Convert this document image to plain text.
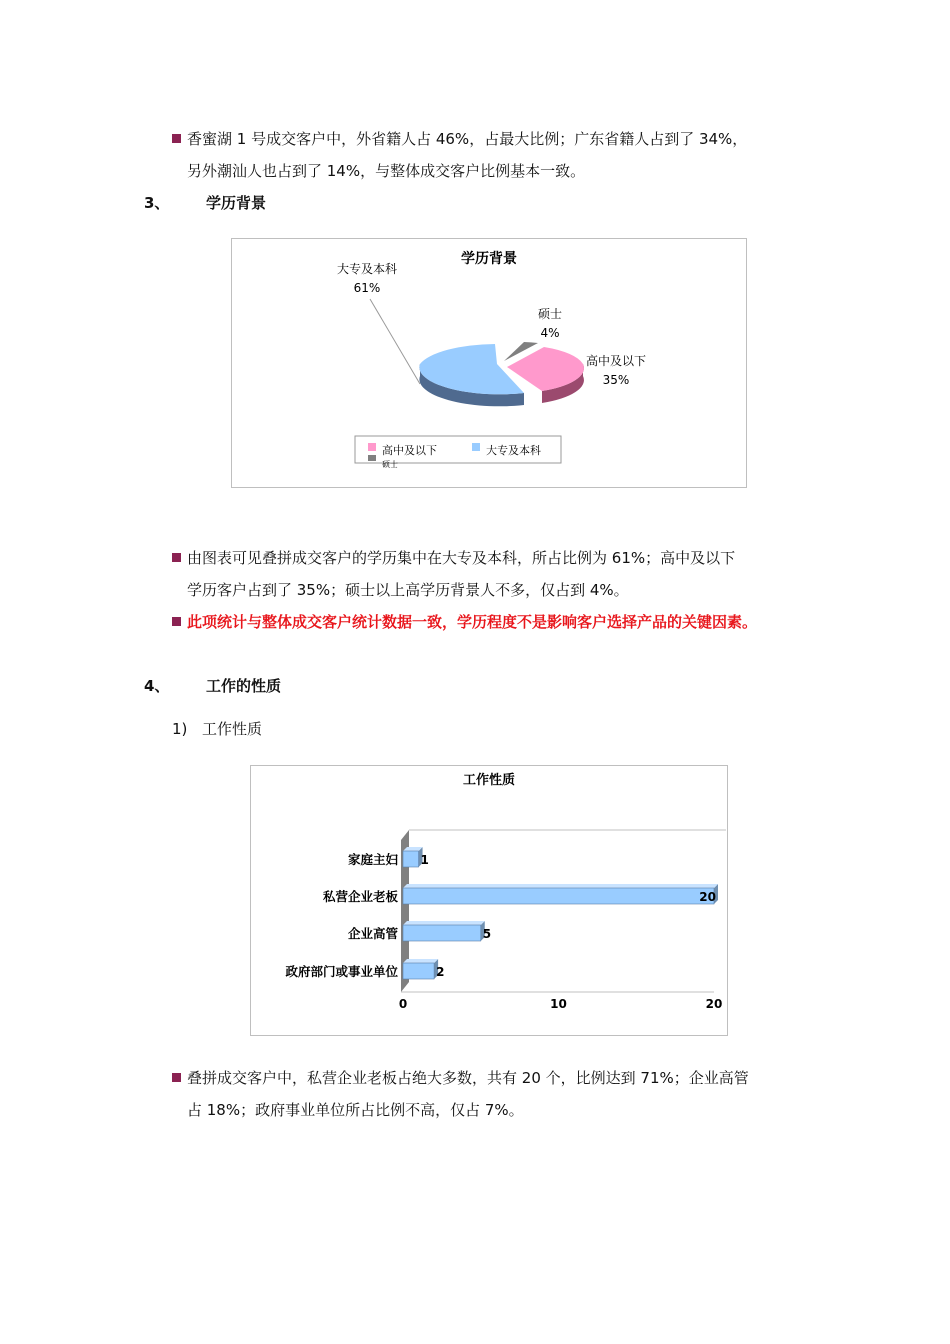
香蜜湖 1 号成交客户中，外省籍人占 46%，占最大比例；广东省籍人占到了 34%，
另外潮汕人也占到了 14%，与整体成交客户比例基本一致。
3、 学历背景
学历背景
大专及本科
61%
硕士
4%
高中及以下
35%
高中及以下	大专及本科
硕士
由图表可见叠拼成交客户的学历集中在大专及本科，所占比例为 61%；高中及以下
学历客户占到了 35%；硕士以上高学历背景人不多，仅占到 4%。
此项统计与整体成交客户统计数据一致，学历程度不是影响客户选择产品的关键因素。
4、 工作的性质
1) 工作性质
工作性质
家庭主妇 1
私营企业老板	20
企业高管	5
政府部门或事业单位	2
0	10	20
叠拼成交客户中，私营企业老板占绝大多数，共有 20 个，比例达到 71%；企业高管
占 18%；政府事业单位所占比例不高，仅占 7%。
